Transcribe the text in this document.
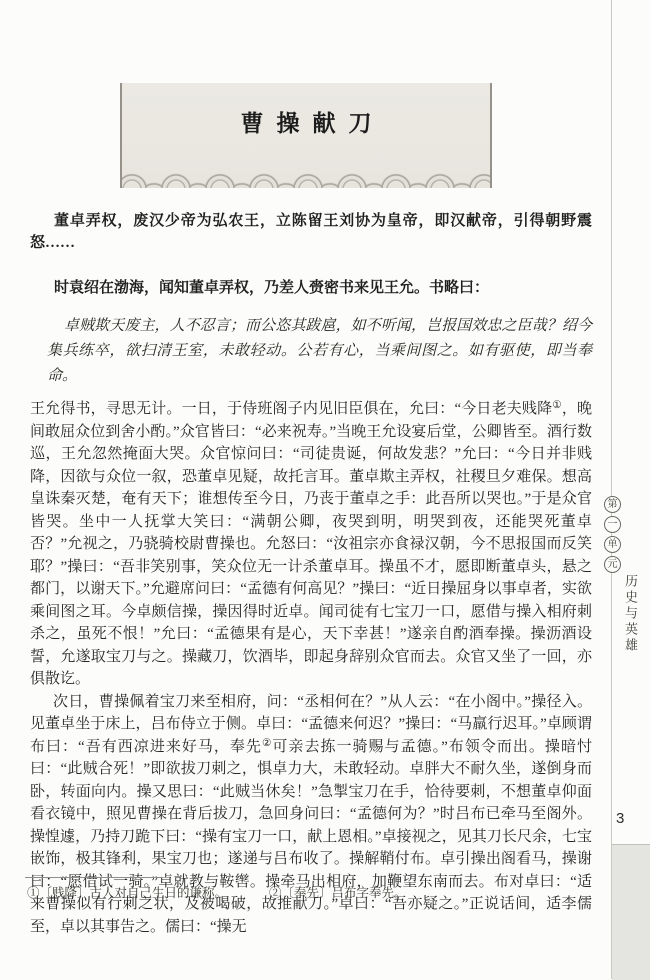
第
一
单
元
历史与英雄
3
曹操献刀

董卓弄权，废汉少帝为弘农王，立陈留王刘协为皇帝，即汉献帝，引得朝野震怒……

时袁绍在渤海，闻知董卓弄权，乃差人赍密书来见王允。书略曰：

卓贼欺天废主，人不忍言；而公恣其跋扈，如不听闻，岂报国效忠之臣哉？绍今集兵练卒，欲扫清王室，未敢轻动。公若有心，当乘间图之。如有驱使，即当奉命。

王允得书，寻思无计。一日，于侍班阁子内见旧臣俱在，允曰：“今日老夫贱降①，晚间敢屈众位到舍小酌。”众官皆曰：“必来祝寿。”当晚王允设宴后堂，公卿皆至。酒行数巡，王允忽然掩面大哭。众官惊问曰：“司徒贵诞，何故发悲？”允曰：“今日并非贱降，因欲与众位一叙，恐董卓见疑，故托言耳。董卓欺主弄权，社稷旦夕难保。想高皇诛秦灭楚，奄有天下；谁想传至今日，乃丧于董卓之手：此吾所以哭也。”于是众官皆哭。坐中一人抚掌大笑曰：“满朝公卿，夜哭到明，明哭到夜，还能哭死董卓否？”允视之，乃骁骑校尉曹操也。允怒曰：“汝祖宗亦食禄汉朝，今不思报国而反笑耶？”操曰：“吾非笑别事，笑众位无一计杀董卓耳。操虽不才，愿即断董卓头，悬之都门，以谢天下。”允避席问曰：“孟德有何高见？”操曰：“近日操屈身以事卓者，实欲乘间图之耳。今卓颇信操，操因得时近卓。闻司徒有七宝刀一口，愿借与操入相府刺杀之，虽死不恨！”允曰：“孟德果有是心，天下幸甚！”遂亲自酌酒奉操。操沥酒设誓，允遂取宝刀与之。操藏刀，饮酒毕，即起身辞别众官而去。众官又坐了一回，亦俱散讫。

次日，曹操佩着宝刀来至相府，问：“丞相何在？”从人云：“在小阁中。”操径入。见董卓坐于床上，吕布侍立于侧。卓曰：“孟德来何迟？”操曰：“马羸行迟耳。”卓顾谓布曰：“吾有西凉进来好马，奉先②可亲去拣一骑赐与孟德。”布领令而出。操暗忖曰：“此贼合死！”即欲拔刀刺之，惧卓力大，未敢轻动。卓胖大不耐久坐，遂倒身而卧，转面向内。操又思曰：“此贼当休矣！”急掣宝刀在手，恰待要刺，不想董卓仰面看衣镜中，照见曹操在背后拔刀，急回身问曰：“孟德何为？”时吕布已牵马至阁外。操惶遽，乃持刀跪下曰：“操有宝刀一口，献上恩相。”卓接视之，见其刀长尺余，七宝嵌饰，极其锋利，果宝刀也；遂递与吕布收了。操解鞘付布。卓引操出阁看马，操谢曰：“愿借试一骑。”卓就教与鞍辔。操牵马出相府，加鞭望东南而去。布对卓曰：“适来曹操似有行刺之状，及被喝破，故推献刀。”卓曰：“吾亦疑之。”正说话间，适李儒至，卓以其事告之。儒曰：“操无

①〔贱降〕古人对自己生日的谦称。	②〔奉先〕吕布字奉先。
